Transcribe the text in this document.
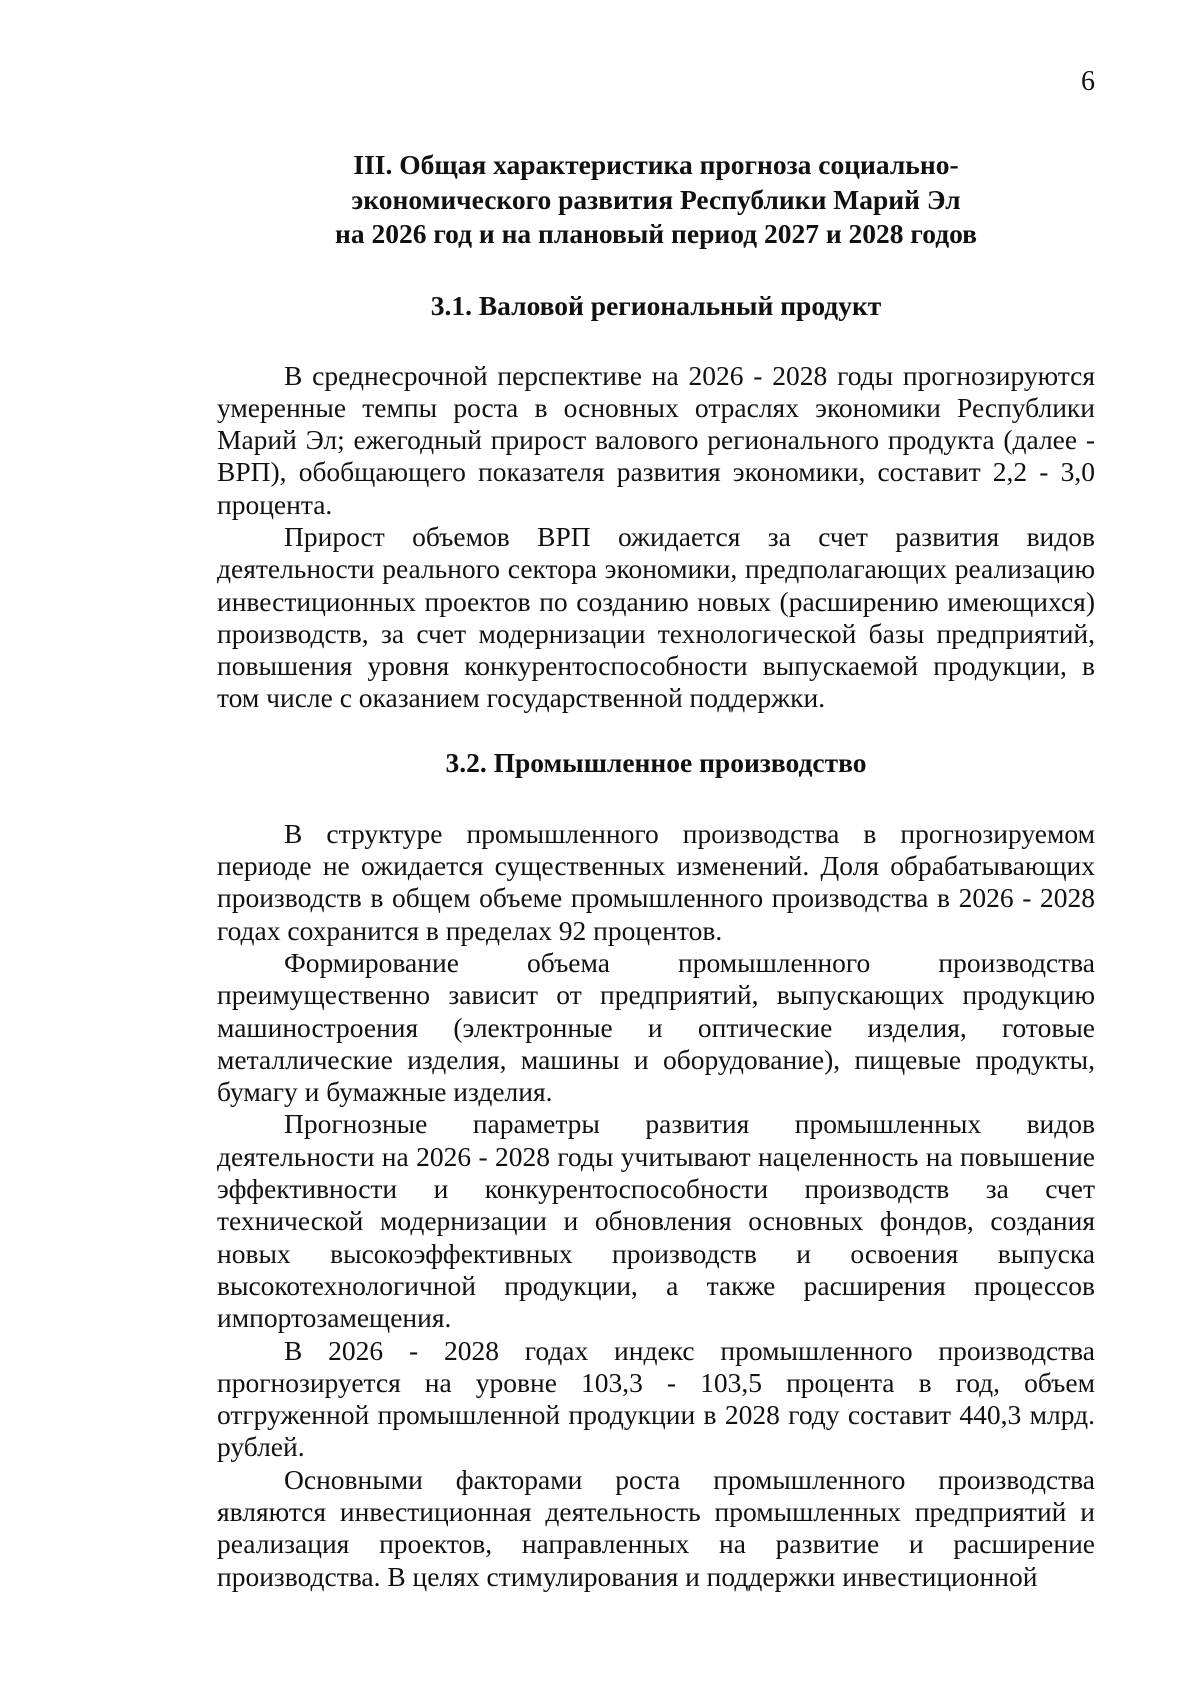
6
III. Общая характеристика прогноза социально-
экономического развития Республики Марий Эл
на 2026 год и на плановый период 2027 и 2028 годов
3.1. Валовой региональный продукт

В среднесрочной перспективе на 2026 - 2028 годы прогнозируются умеренные темпы роста в основных отраслях экономики Республики Марий Эл; ежегодный прирост валового регионального продукта (далее - ВРП), обобщающего показателя развития экономики, составит 2,2 - 3,0 процента.

Прирост объемов ВРП ожидается за счет развития видов деятельности реального сектора экономики, предполагающих реализацию инвестиционных проектов по созданию новых (расширению имеющихся) производств, за счет модернизации технологической базы предприятий, повышения уровня конкурентоспособности выпускаемой продукции, в том числе с оказанием государственной поддержки.

3.2. Промышленное производство

В структуре промышленного производства в прогнозируемом периоде не ожидается существенных изменений. Доля обрабатывающих производств в общем объеме промышленного производства в 2026 - 2028 годах сохранится в пределах 92 процентов.

Формирование объема промышленного производства преимущественно зависит от предприятий, выпускающих продукцию машиностроения (электронные и оптические изделия, готовые металлические изделия, машины и оборудование), пищевые продукты, бумагу и бумажные изделия.

Прогнозные параметры развития промышленных видов деятельности на 2026 - 2028 годы учитывают нацеленность на повышение эффективности и конкурентоспособности производств за счет технической модернизации и обновления основных фондов, создания новых высокоэффективных производств и освоения выпуска высокотехнологичной продукции, а также расширения процессов импортозамещения.

В 2026 - 2028 годах индекс промышленного производства прогнозируется на уровне 103,3 - 103,5 процента в год, объем отгруженной промышленной продукции в 2028 году составит 440,3 млрд. рублей.

Основными факторами роста промышленного производства являются инвестиционная деятельность промышленных предприятий и реализация проектов, направленных на развитие и расширение производства. В целях стимулирования и поддержки инвестиционной
